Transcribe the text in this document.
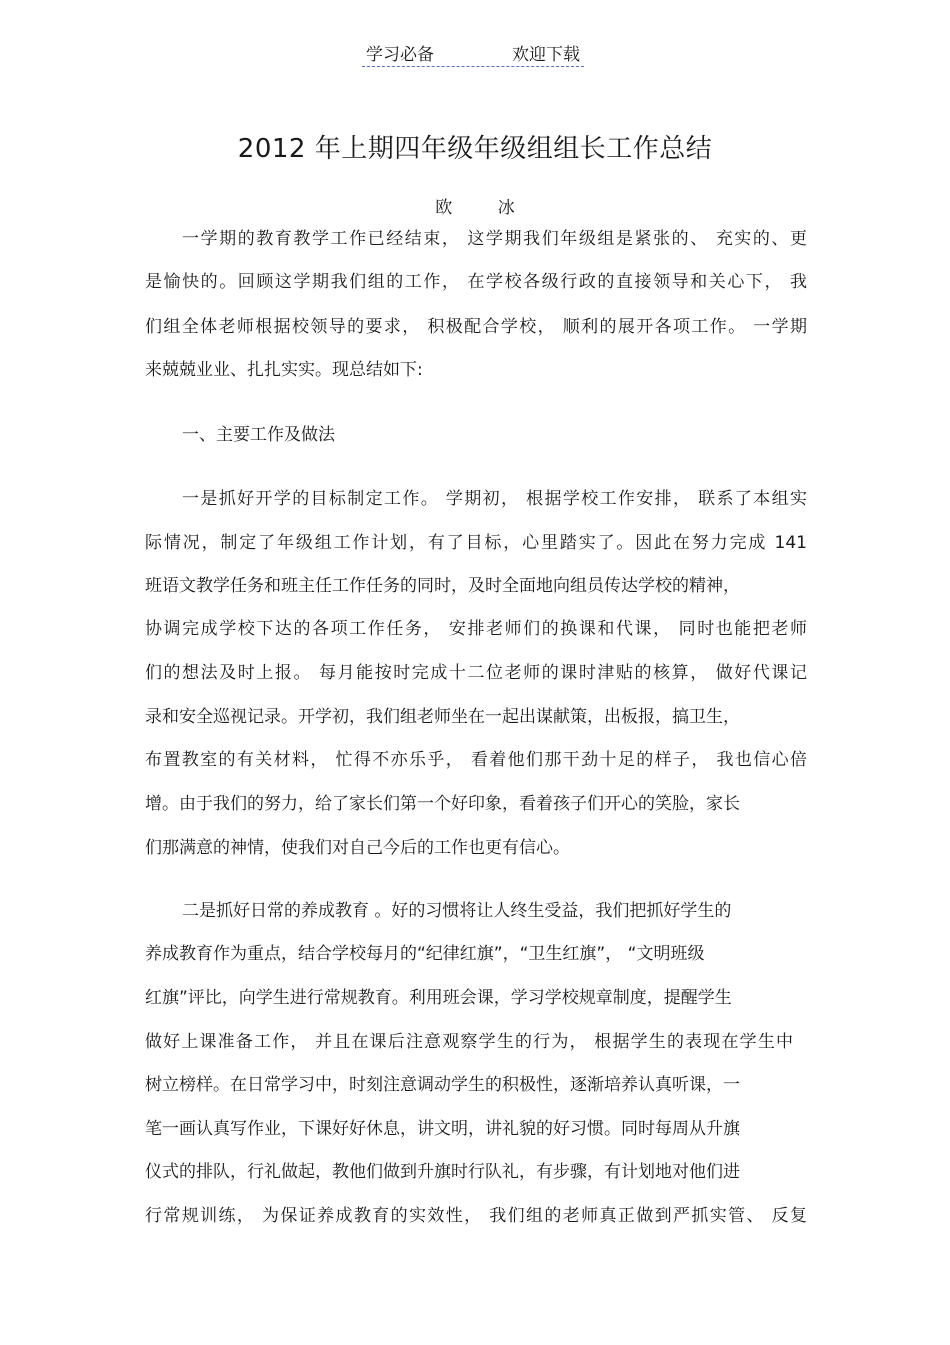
学习必备	欢迎下载
2012 年上期四年级年级组组长工作总结
欧 冰
一学期的教育教学工作已经结束， 这学期我们年级组是紧张的、 充实的、更
是愉快的。回顾这学期我们组的工作， 在学校各级行政的直接领导和关心下， 我
们组全体老师根据校领导的要求， 积极配合学校， 顺利的展开各项工作。 一学期
来兢兢业业、扎扎实实。现总结如下:
一、主要工作及做法
一是抓好开学的目标制定工作。 学期初， 根据学校工作安排， 联系了本组实
际情况，制定了年级组工作计划，有了目标，心里踏实了。因此在努力完成 141
班语文教学任务和班主任工作任务的同时，及时全面地向组员传达学校的精神，
协调完成学校下达的各项工作任务， 安排老师们的换课和代课， 同时也能把老师
们的想法及时上报。 每月能按时完成十二位老师的课时津贴的核算， 做好代课记
录和安全巡视记录。开学初，我们组老师坐在一起出谋献策，出板报，搞卫生，
布置教室的有关材料， 忙得不亦乐乎， 看着他们那干劲十足的样子， 我也信心倍
增。由于我们的努力，给了家长们第一个好印象，看着孩子们开心的笑脸，家长
们那满意的神情，使我们对自己今后的工作也更有信心。
二是抓好日常的养成教育 。好的习惯将让人终生受益，我们把抓好学生的
养成教育作为重点，结合学校每月的“纪律红旗”，“卫生红旗”， “文明班级
红旗”评比，向学生进行常规教育。利用班会课，学习学校规章制度，提醒学生
做好上课准备工作， 并且在课后注意观察学生的行为， 根据学生的表现在学生中
树立榜样。在日常学习中，时刻注意调动学生的积极性，逐渐培养认真听课，一
笔一画认真写作业，下课好好休息，讲文明，讲礼貌的好习惯。同时每周从升旗
仪式的排队，行礼做起，教他们做到升旗时行队礼，有步骤，有计划地对他们进
行常规训练， 为保证养成教育的实效性， 我们组的老师真正做到严抓实管、 反复
